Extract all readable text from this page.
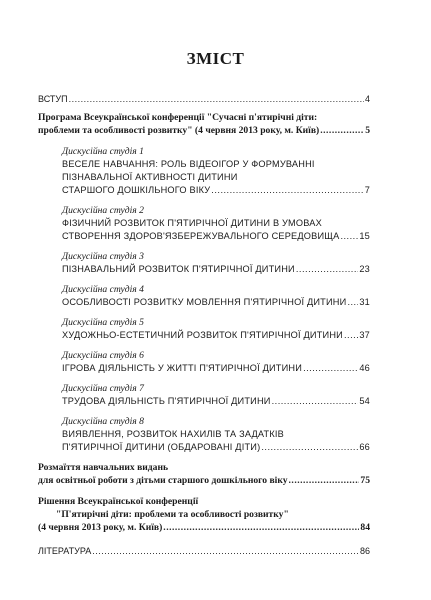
ЗМІСТ
ВСТУП .....	4
Програма Всеукраїнської конференції "Сучасні п'ятирічні діти:
проблеми та особливості розвитку" (4 червня 2013 року, м. Київ) .....	5
Дискусійна студія 1
ВЕСЕЛЕ НАВЧАННЯ: РОЛЬ ВІДЕОІГОР У ФОРМУВАННІ
ПІЗНАВАЛЬНОЇ АКТИВНОСТІ ДИТИНИ
СТАРШОГО ДОШКІЛЬНОГО ВІКУ .....	7
Дискусійна студія 2
ФІЗИЧНИЙ РОЗВИТОК П'ЯТИРІЧНОЇ ДИТИНИ В УМОВАХ
СТВОРЕННЯ ЗДОРОВ'ЯЗБЕРЕЖУВАЛЬНОГО СЕРЕДОВИЩА ..... 15
Дискусійна студія 3
ПІЗНАВАЛЬНИЙ РОЗВИТОК П'ЯТИРІЧНОЇ ДИТИНИ .....	23
Дискусійна студія 4
ОСОБЛИВОСТІ РОЗВИТКУ МОВЛЕННЯ П'ЯТИРІЧНОЇ ДИТИНИ ..... 31
Дискусійна студія 5
ХУДОЖНЬО-ЕСТЕТИЧНИЙ РОЗВИТОК П'ЯТИРІЧНОЇ ДИТИНИ ..... 37
Дискусійна студія 6
ІГРОВА ДІЯЛЬНІСТЬ У ЖИТТІ П'ЯТИРІЧНОЇ ДИТИНИ .....	46
Дискусійна студія 7
ТРУДОВА ДІЯЛЬНІСТЬ П'ЯТИРІЧНОЇ ДИТИНИ .....	54
Дискусійна студія 8
ВИЯВЛЕННЯ, РОЗВИТОК НАХИЛІВ ТА ЗАДАТКІВ
П'ЯТИРІЧНОЇ ДИТИНИ (ОБДАРОВАНІ ДІТИ) .....	66
Розмаїття навчальних видань
для освітньої роботи з дітьми старшого дошкільного віку .....	75
Рішення Всеукраїнської конференції
"П'ятирічні діти: проблеми та особливості розвитку"
(4 червня 2013 року, м. Київ) .....	84
ЛІТЕРАТУРА .....	86
